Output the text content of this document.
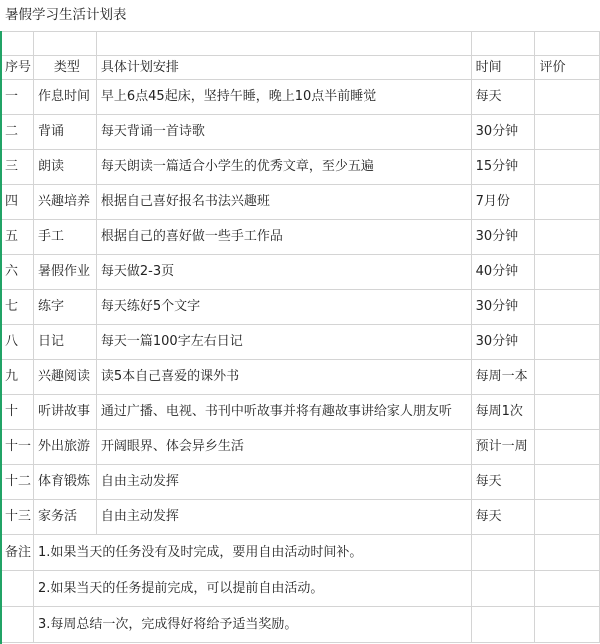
暑假学习生活计划表

序号	类型	具体计划安排	时间	评价
一	作息时间	早上6点45起床，坚持午睡，晚上10点半前睡觉	每天	
二	背诵	每天背诵一首诗歌	30分钟	
三	朗读	每天朗读一篇适合小学生的优秀文章，至少五遍	15分钟	
四	兴趣培养	根据自己喜好报名书法兴趣班	7月份	
五	手工	根据自己的喜好做一些手工作品	30分钟	
六	暑假作业	每天做2-3页	40分钟	
七	练字	每天练好5个文字	30分钟	
八	日记	每天一篇100字左右日记	30分钟	
九	兴趣阅读	读5本自己喜爱的课外书	每周一本	
十	听讲故事	通过广播、电视、书刊中听故事并将有趣故事讲给家人朋友听	每周1次	
十一	外出旅游	开阔眼界、体会异乡生活	预计一周	
十二	体育锻炼	自由主动发挥	每天	
十三	家务活	自由主动发挥	每天	
备注	1.如果当天的任务没有及时完成，要用自由活动时间补。			
	2.如果当天的任务提前完成，可以提前自由活动。			
	3.每周总结一次，完成得好将给予适当奖励。			
